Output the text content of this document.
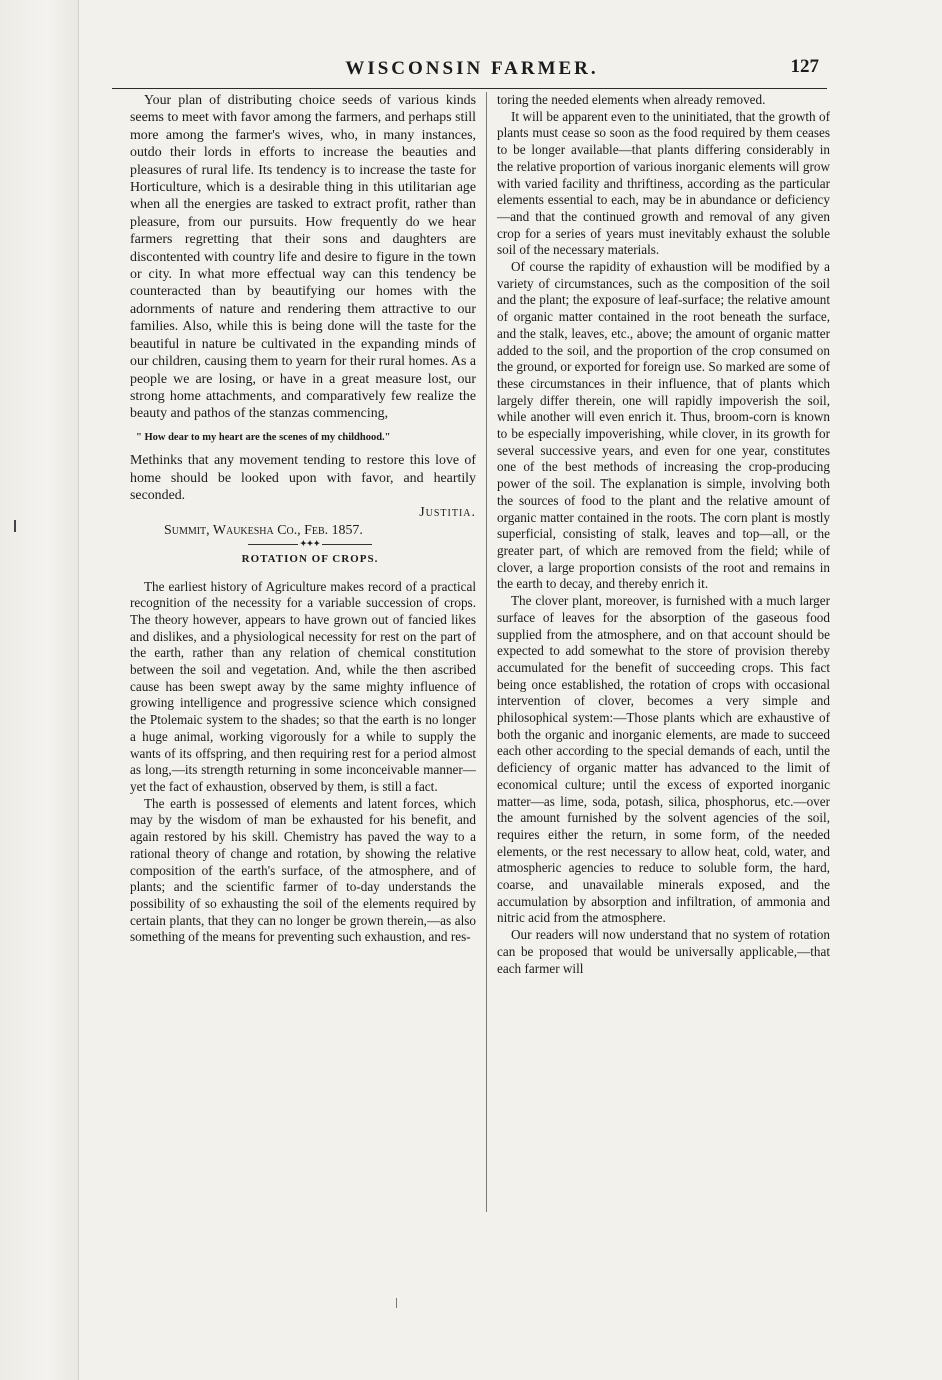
WISCONSIN FARMER.	127

Your plan of distributing choice seeds of various kinds seems to meet with favor among the farmers, and perhaps still more among the farmer's wives, who, in many instances, outdo their lords in efforts to increase the beauties and pleasures of rural life. Its tendency is to increase the taste for Horticulture, which is a desirable thing in this utilitarian age when all the energies are tasked to extract profit, rather than pleasure, from our pursuits. How frequently do we hear farmers regretting that their sons and daughters are discontented with country life and desire to figure in the town or city. In what more effectual way can this tendency be counteracted than by beautifying our homes with the adornments of nature and rendering them attractive to our families. Also, while this is being done will the taste for the beautiful in nature be cultivated in the expanding minds of our children, causing them to yearn for their rural homes. As a people we are losing, or have in a great measure lost, our strong home attachments, and comparatively few realize the beauty and pathos of the stanzas commencing,

" How dear to my heart are the scenes of my childhood."

Methinks that any movement tending to restore this love of home should be looked upon with favor, and heartily seconded.

Justitia.

Summit, Waukesha Co., Feb. 1857.

✦✦✦

ROTATION OF CROPS.

The earliest history of Agriculture makes record of a practical recognition of the necessity for a variable succession of crops. The theory however, appears to have grown out of fancied likes and dislikes, and a physiological necessity for rest on the part of the earth, rather than any relation of chemical constitution between the soil and vegetation. And, while the then ascribed cause has been swept away by the same mighty influence of growing intelligence and progressive science which consigned the Ptolemaic system to the shades; so that the earth is no longer a huge animal, working vigorously for a while to supply the wants of its offspring, and then requiring rest for a period almost as long,—its strength returning in some inconceivable manner—yet the fact of exhaustion, observed by them, is still a fact.

The earth is possessed of elements and latent forces, which may by the wisdom of man be exhausted for his benefit, and again restored by his skill. Chemistry has paved the way to a rational theory of change and rotation, by showing the relative composition of the earth's surface, of the atmosphere, and of plants; and the scientific farmer of to-day understands the possibility of so exhausting the soil of the elements required by certain plants, that they can no longer be grown therein,—as also something of the means for preventing such exhaustion, and res-

toring the needed elements when already removed.

It will be apparent even to the uninitiated, that the growth of plants must cease so soon as the food required by them ceases to be longer available—that plants differing considerably in the relative proportion of various inorganic elements will grow with varied facility and thriftiness, according as the particular elements essential to each, may be in abundance or deficiency—and that the continued growth and removal of any given crop for a series of years must inevitably exhaust the soluble soil of the necessary materials.

Of course the rapidity of exhaustion will be modified by a variety of circumstances, such as the composition of the soil and the plant; the exposure of leaf-surface; the relative amount of organic matter contained in the root beneath the surface, and the stalk, leaves, etc., above; the amount of organic matter added to the soil, and the proportion of the crop consumed on the ground, or exported for foreign use. So marked are some of these circumstances in their influence, that of plants which largely differ therein, one will rapidly impoverish the soil, while another will even enrich it. Thus, broom-corn is known to be especially impoverishing, while clover, in its growth for several successive years, and even for one year, constitutes one of the best methods of increasing the crop-producing power of the soil. The explanation is simple, involving both the sources of food to the plant and the relative amount of organic matter contained in the roots. The corn plant is mostly superficial, consisting of stalk, leaves and top—all, or the greater part, of which are removed from the field; while of clover, a large proportion consists of the root and remains in the earth to decay, and thereby enrich it.

The clover plant, moreover, is furnished with a much larger surface of leaves for the absorption of the gaseous food supplied from the atmosphere, and on that account should be expected to add somewhat to the store of provision thereby accumulated for the benefit of succeeding crops. This fact being once established, the rotation of crops with occasional intervention of clover, becomes a very simple and philosophical system:—Those plants which are exhaustive of both the organic and inorganic elements, are made to succeed each other according to the special demands of each, until the deficiency of organic matter has advanced to the limit of economical culture; until the excess of exported inorganic matter—as lime, soda, potash, silica, phosphorus, etc.—over the amount furnished by the solvent agencies of the soil, requires either the return, in some form, of the needed elements, or the rest necessary to allow heat, cold, water, and atmospheric agencies to reduce to soluble form, the hard, coarse, and unavailable minerals exposed, and the accumulation by absorption and infiltration, of ammonia and nitric acid from the atmosphere.

Our readers will now understand that no system of rotation can be proposed that would be universally applicable,—that each farmer will
